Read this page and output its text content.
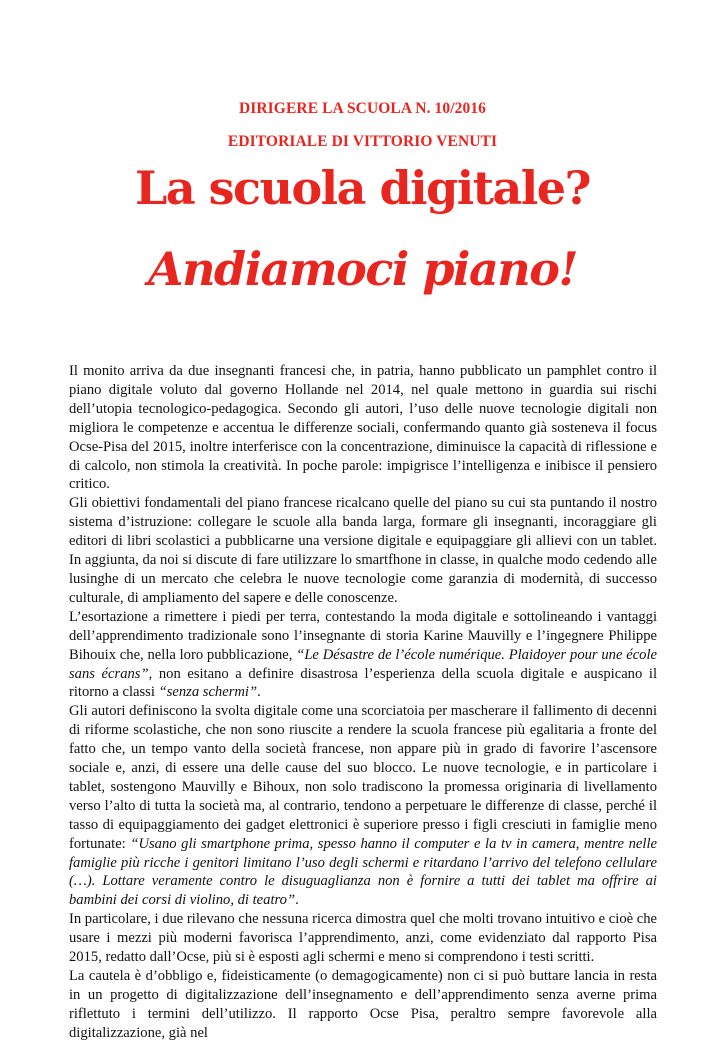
DIRIGERE LA SCUOLA N. 10/2016
EDITORIALE DI VITTORIO VENUTI
La scuola digitale?
Andiamoci piano!

Il monito arriva da due insegnanti francesi che, in patria, hanno pubblicato un pamphlet contro il piano digitale voluto dal governo Hollande nel 2014, nel quale mettono in guardia sui rischi dell’utopia tecnologico-pedagogica. Secondo gli autori, l’uso delle nuove tecnologie digitali non migliora le competenze e accentua le differenze sociali, confermando quanto già sosteneva il focus Ocse-Pisa del 2015, inoltre interferisce con la concentrazione, diminuisce la capacità di riflessione e di calcolo, non stimola la creatività. In poche parole: impigrisce l’intelligenza e inibisce il pensiero critico.

Gli obiettivi fondamentali del piano francese ricalcano quelle del piano su cui sta puntando il nostro sistema d’istruzione: collegare le scuole alla banda larga, formare gli insegnanti, incoraggiare gli editori di libri scolastici a pubblicarne una versione digitale e equipaggiare gli allievi con un tablet. In aggiunta, da noi si discute di fare utilizzare lo smartfhone in classe, in qualche modo cedendo alle lusinghe di un mercato che celebra le nuove tecnologie come garanzia di modernità, di successo culturale, di ampliamento del sapere e delle conoscenze.

L’esortazione a rimettere i piedi per terra, contestando la moda digitale e sottolineando i vantaggi dell’apprendimento tradizionale sono l’insegnante di storia Karine Mauvilly e l’ingegnere Philippe Bihouix che, nella loro pubblicazione, “Le Désastre de l’école numérique. Plaidoyer pour une école sans écrans”, non esitano a definire disastrosa l’esperienza della scuola digitale e auspicano il ritorno a classi “senza schermi”.

Gli autori definiscono la svolta digitale come una scorciatoia per mascherare il fallimento di decenni di riforme scolastiche, che non sono riuscite a rendere la scuola francese più egalitaria a fronte del fatto che, un tempo vanto della società francese, non appare più in grado di favorire l’ascensore sociale e, anzi, di essere una delle cause del suo blocco. Le nuove tecnologie, e in particolare i tablet, sostengono Mauvilly e Bihoux, non solo tradiscono la promessa originaria di livellamento verso l’alto di tutta la società ma, al contrario, tendono a perpetuare le differenze di classe, perché il tasso di equipaggiamento dei gadget elettronici è superiore presso i figli cresciuti in famiglie meno fortunate: “Usano gli smartphone prima, spesso hanno il computer e la tv in camera, mentre nelle famiglie più ricche i genitori limitano l’uso degli schermi e ritardano l’arrivo del telefono cellulare (…). Lottare veramente contro le disuguaglianza non è fornire a tutti dei tablet ma offrire ai bambini dei corsi di violino, di teatro”.

In particolare, i due rilevano che nessuna ricerca dimostra quel che molti trovano intuitivo e cioè che usare i mezzi più moderni favorisca l’apprendimento, anzi, come evidenziato dal rapporto Pisa 2015, redatto dall’Ocse, più si è esposti agli schermi e meno si comprendono i testi scritti.

La cautela è d’obbligo e, fideisticamente (o demagogicamente) non ci si può buttare lancia in resta in un progetto di digitalizzazione dell’insegnamento e dell’apprendimento senza averne prima riflettuto i termini dell’utilizzo. Il rapporto Ocse Pisa, peraltro sempre favorevole alla digitalizzazione, già nel
